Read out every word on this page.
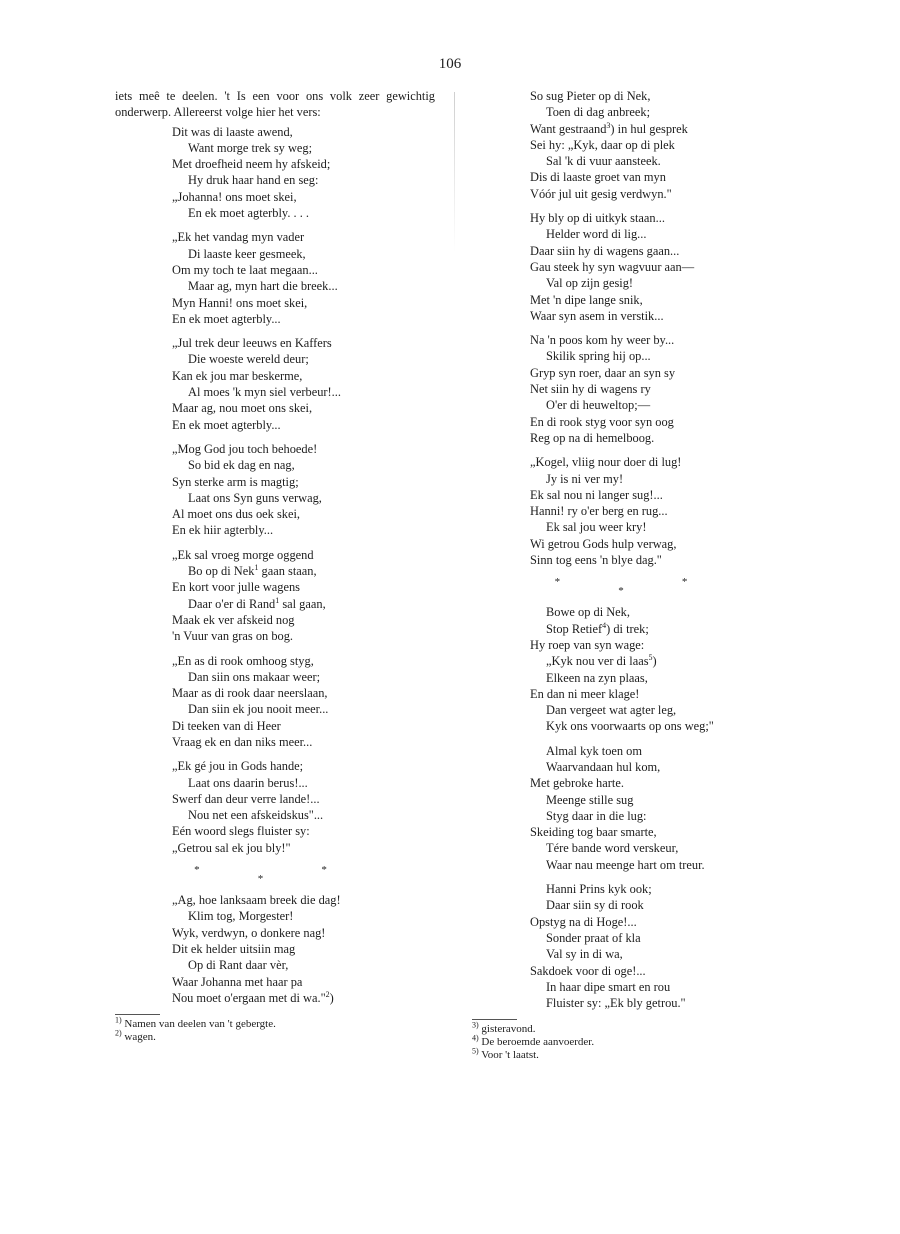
106
iets meê te deelen. 't Is een voor ons volk zeer gewichtig onderwerp. Allereerst volge hier het vers:
Dit was di laaste awend,
Want morge trek sy weg;
Met droefheid neem hy afskeid;
Hy druk haar hand en seg:
„Johanna! ons moet skei,
En ek moet agterbly. . . .
„Ek het vandag myn vader
Di laaste keer gesmeek,
Om my toch te laat megaan...
Maar ag, myn hart die breek...
Myn Hanni! ons moet skei,
En ek moet agterbly...
„Jul trek deur leeuws en Kaffers
Die woeste wereld deur;
Kan ek jou mar beskerme,
Al moes 'k myn siel verbeur!...
Maar ag, nou moet ons skei,
En ek moet agterbly...
„Mog God jou toch behoede!
So bid ek dag en nag,
Syn sterke arm is magtig;
Laat ons Syn guns verwag,
Al moet ons dus oek skei,
En ek hiir agterbly...
„Ek sal vroeg morge oggend
Bo op di Nek$^1$ gaan staan,
En kort voor julle wagens
Daar o'er di Rand$^1$ sal gaan,
Maak ek ver afskeid nog
'n Vuur van gras on bog.
„En as di rook omhoog styg,
Dan siin ons makaar weer;
Maar as di rook daar neerslaan,
Dan siin ek jou nooit meer...
Di teeken van di Heer
Vraag ek en dan niks meer...
„Ek gé jou in Gods hande;
Laat ons daarin berus!...
Swerf dan deur verre lande!...
Nou net een afskeidskus"...
Eén woord slegs fluister sy:
„Getrou sal ek jou bly!"
*     *
*
„Ag, hoe lanksaam breek die dag!
Klim tog, Morgester!
Wyk, verdwyn, o donkere nag!
Dit ek helder uitsiin mag
Op di Rant daar vèr,
Waar Johanna met haar pa
Nou moet o'ergaan met di wa."$^2$)
$^{1)}$ Namen van deelen van 't gebergte.
$^{2)}$ wagen.
So sug Pieter op di Nek,
Toen di dag anbreek;
Want gestraand$^3$) in hul gesprek
Sei hy: „Kyk, daar op di plek
Sal 'k di vuur aansteek.
Dis di laaste groet van myn
Vóór jul uit gesig verdwyn."
Hy bly op di uitkyk staan...
Helder word di lig...
Daar siin hy di wagens gaan...
Gau steek hy syn wagvuur aan—
Val op zijn gesig!
Met 'n dipe lange snik,
Waar syn asem in verstik...
Na 'n poos kom hy weer by...
Skilik spring hij op...
Gryp syn roer, daar an syn sy
Net siin hy di wagens ry
O'er di heuweltop;—
En di rook styg voor syn oog
Reg op na di hemelboog.
„Kogel, vliig nour doer di lug!
Jy is ni ver my!
Ek sal nou ni langer sug!...
Hanni! ry o'er berg en rug...
Ek sal jou weer kry!
Wi getrou Gods hulp verwag,
Sinn tog eens 'n blye dag."
*     *
*
Bowe op di Nek,
Stop Retief$^4$) di trek;
Hy roep van syn wage:
„Kyk nou ver di laas$^5$)
Elkeen na zyn plaas,
En dan ni meer klage!
Dan vergeet wat agter leg,
Kyk ons voorwaarts op ons weg;"
Almal kyk toen om
Waarvandaan hul kom,
Met gebroke harte.
Meenge stille sug
Styg daar in die lug:
Skeiding tog baar smarte,
Tére bande word verskeur,
Waar nau meenge hart om treur.
Hanni Prins kyk ook;
Daar siin sy di rook
Opstyg na di Hoge!...
Sonder praat of kla
Val sy in di wa,
Sakdoek voor di oge!...
In haar dipe smart en rou
Fluister sy: „Ek bly getrou."
$^{3)}$ gisteravond.
$^{4)}$ De beroemde aanvoerder.
$^{5)}$ Voor 't laatst.
